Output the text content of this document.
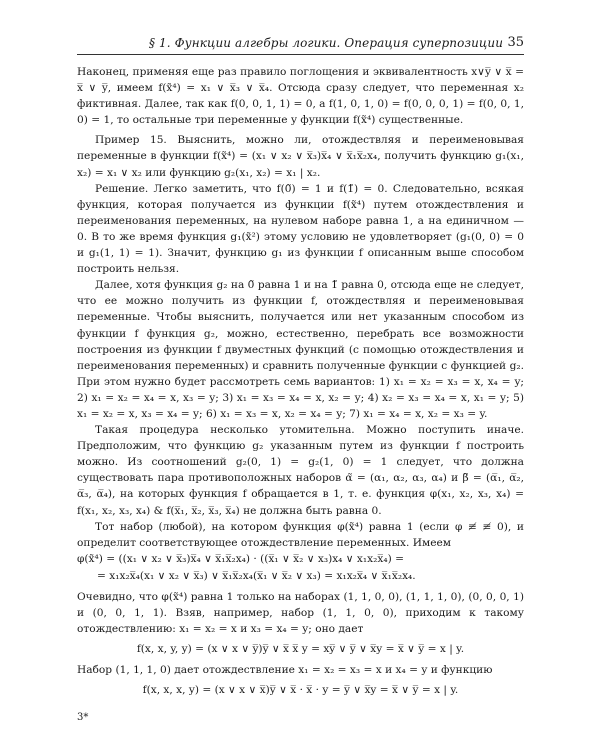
§ 1. Функции алгебры логики. Операция суперпозиции 35

Наконец, применяя еще раз правило поглощения и эквивалентность x∨y̅ ∨ x̅ = x̅ ∨ y̅, имеем f(x̃⁴) = x₁ ∨ x̅₃ ∨ x̅₄. Отсюда сразу следует, что переменная x₂ фиктивная. Далее, так как f(0, 0, 1, 1) = 0, а f(1, 0, 1, 0) = f(0, 0, 0, 1) = f(0, 0, 1, 0) = 1, то остальные три переменные у функции f(x̃⁴) существенные.

Пример 15. Выяснить, можно ли, отождествляя и переименовывая переменные в функции f(x̃⁴) = (x₁ ∨ x₂ ∨ x̅₃)x̅₄ ∨ x̅₁x̅₂x₄, получить функцию g₁(x₁, x₂) = x₁ ∨ x₂ или функцию g₂(x₁, x₂) = x₁ | x₂.

Решение. Легко заметить, что f(0̃) = 1 и f(1̃) = 0. Следовательно, всякая функция, которая получается из функции f(x̃⁴) путем отождествления и переименования переменных, на нулевом наборе равна 1, а на единичном — 0. В то же время функция g₁(x̃²) этому условию не удовлетворяет (g₁(0, 0) = 0 и g₁(1, 1) = 1). Значит, функцию g₁ из функции f описанным выше способом построить нельзя.

Далее, хотя функция g₂ на 0̃ равна 1 и на 1̃ равна 0, отсюда еще не следует, что ее можно получить из функции f, отождествляя и переименовывая переменные. Чтобы выяснить, получается или нет указанным способом из функции f функция g₂, можно, естественно, перебрать все возможности построения из функции f двуместных функций (с помощью отождествления и переименования переменных) и сравнить полученные функции с функцией g₂. При этом нужно будет рассмотреть семь вариантов: 1) x₁ = x₂ = x₃ = x, x₄ = y; 2) x₁ = x₂ = x₄ = x, x₃ = y; 3) x₁ = x₃ = x₄ = x, x₂ = y; 4) x₂ = x₃ = x₄ = x, x₁ = y; 5) x₁ = x₂ = x, x₃ = x₄ = y; 6) x₁ = x₃ = x, x₂ = x₄ = y; 7) x₁ = x₄ = x, x₂ = x₃ = y.

Такая процедура несколько утомительна. Можно поступить иначе. Предположим, что функцию g₂ указанным путем из функции f построить можно. Из соотношений g₂(0, 1) = g₂(1, 0) = 1 следует, что должна существовать пара противоположных наборов α̃ = (α₁, α₂, α₃, α₄) и β̃ = (α̅₁, α̅₂, α̅₃, α̅₄), на которых функция f обращается в 1, т. е. функция φ(x₁, x₂, x₃, x₄) = f(x₁, x₂, x₃, x₄) & f(x̅₁, x̅₂, x̅₃, x̅₄) не должна быть равна 0.

Тот набор (любой), на котором функция φ(x̃⁴) равна 1 (если φ ≢ ≢ 0), и определит соответствующее отождествление переменных. Имеем

φ(x̃⁴) = ((x₁ ∨ x₂ ∨ x̅₃)x̅₄ ∨ x̅₁x̅₂x₄) · ((x̅₁ ∨ x̅₂ ∨ x₃)x₄ ∨ x₁x₂x̅₄) =

= x₁x₂x̅₄(x₁ ∨ x₂ ∨ x̅₃) ∨ x̅₁x̅₂x₄(x̅₁ ∨ x̅₂ ∨ x₃) = x₁x₂x̅₄ ∨ x̅₁x̅₂x₄.

Очевидно, что φ(x̃⁴) равна 1 только на наборах (1, 1, 0, 0), (1, 1, 1, 0), (0, 0, 0, 1) и (0, 0, 1, 1). Взяв, например, набор (1, 1, 0, 0), приходим к такому отождествлению: x₁ = x₂ = x и x₃ = x₄ = y; оно дает

f(x, x, y, y) = (x ∨ x ∨ y̅)y̅ ∨ x̅ x̅ y = xy̅ ∨ y̅ ∨ x̅y = x̅ ∨ y̅ = x | y.

Набор (1, 1, 1, 0) дает отождествление x₁ = x₂ = x₃ = x и x₄ = y и функцию

f(x, x, x, y) = (x ∨ x ∨ x̅)y̅ ∨ x̅ · x̅ · y = y̅ ∨ x̅y = x̅ ∨ y̅ = x | y.

3*
